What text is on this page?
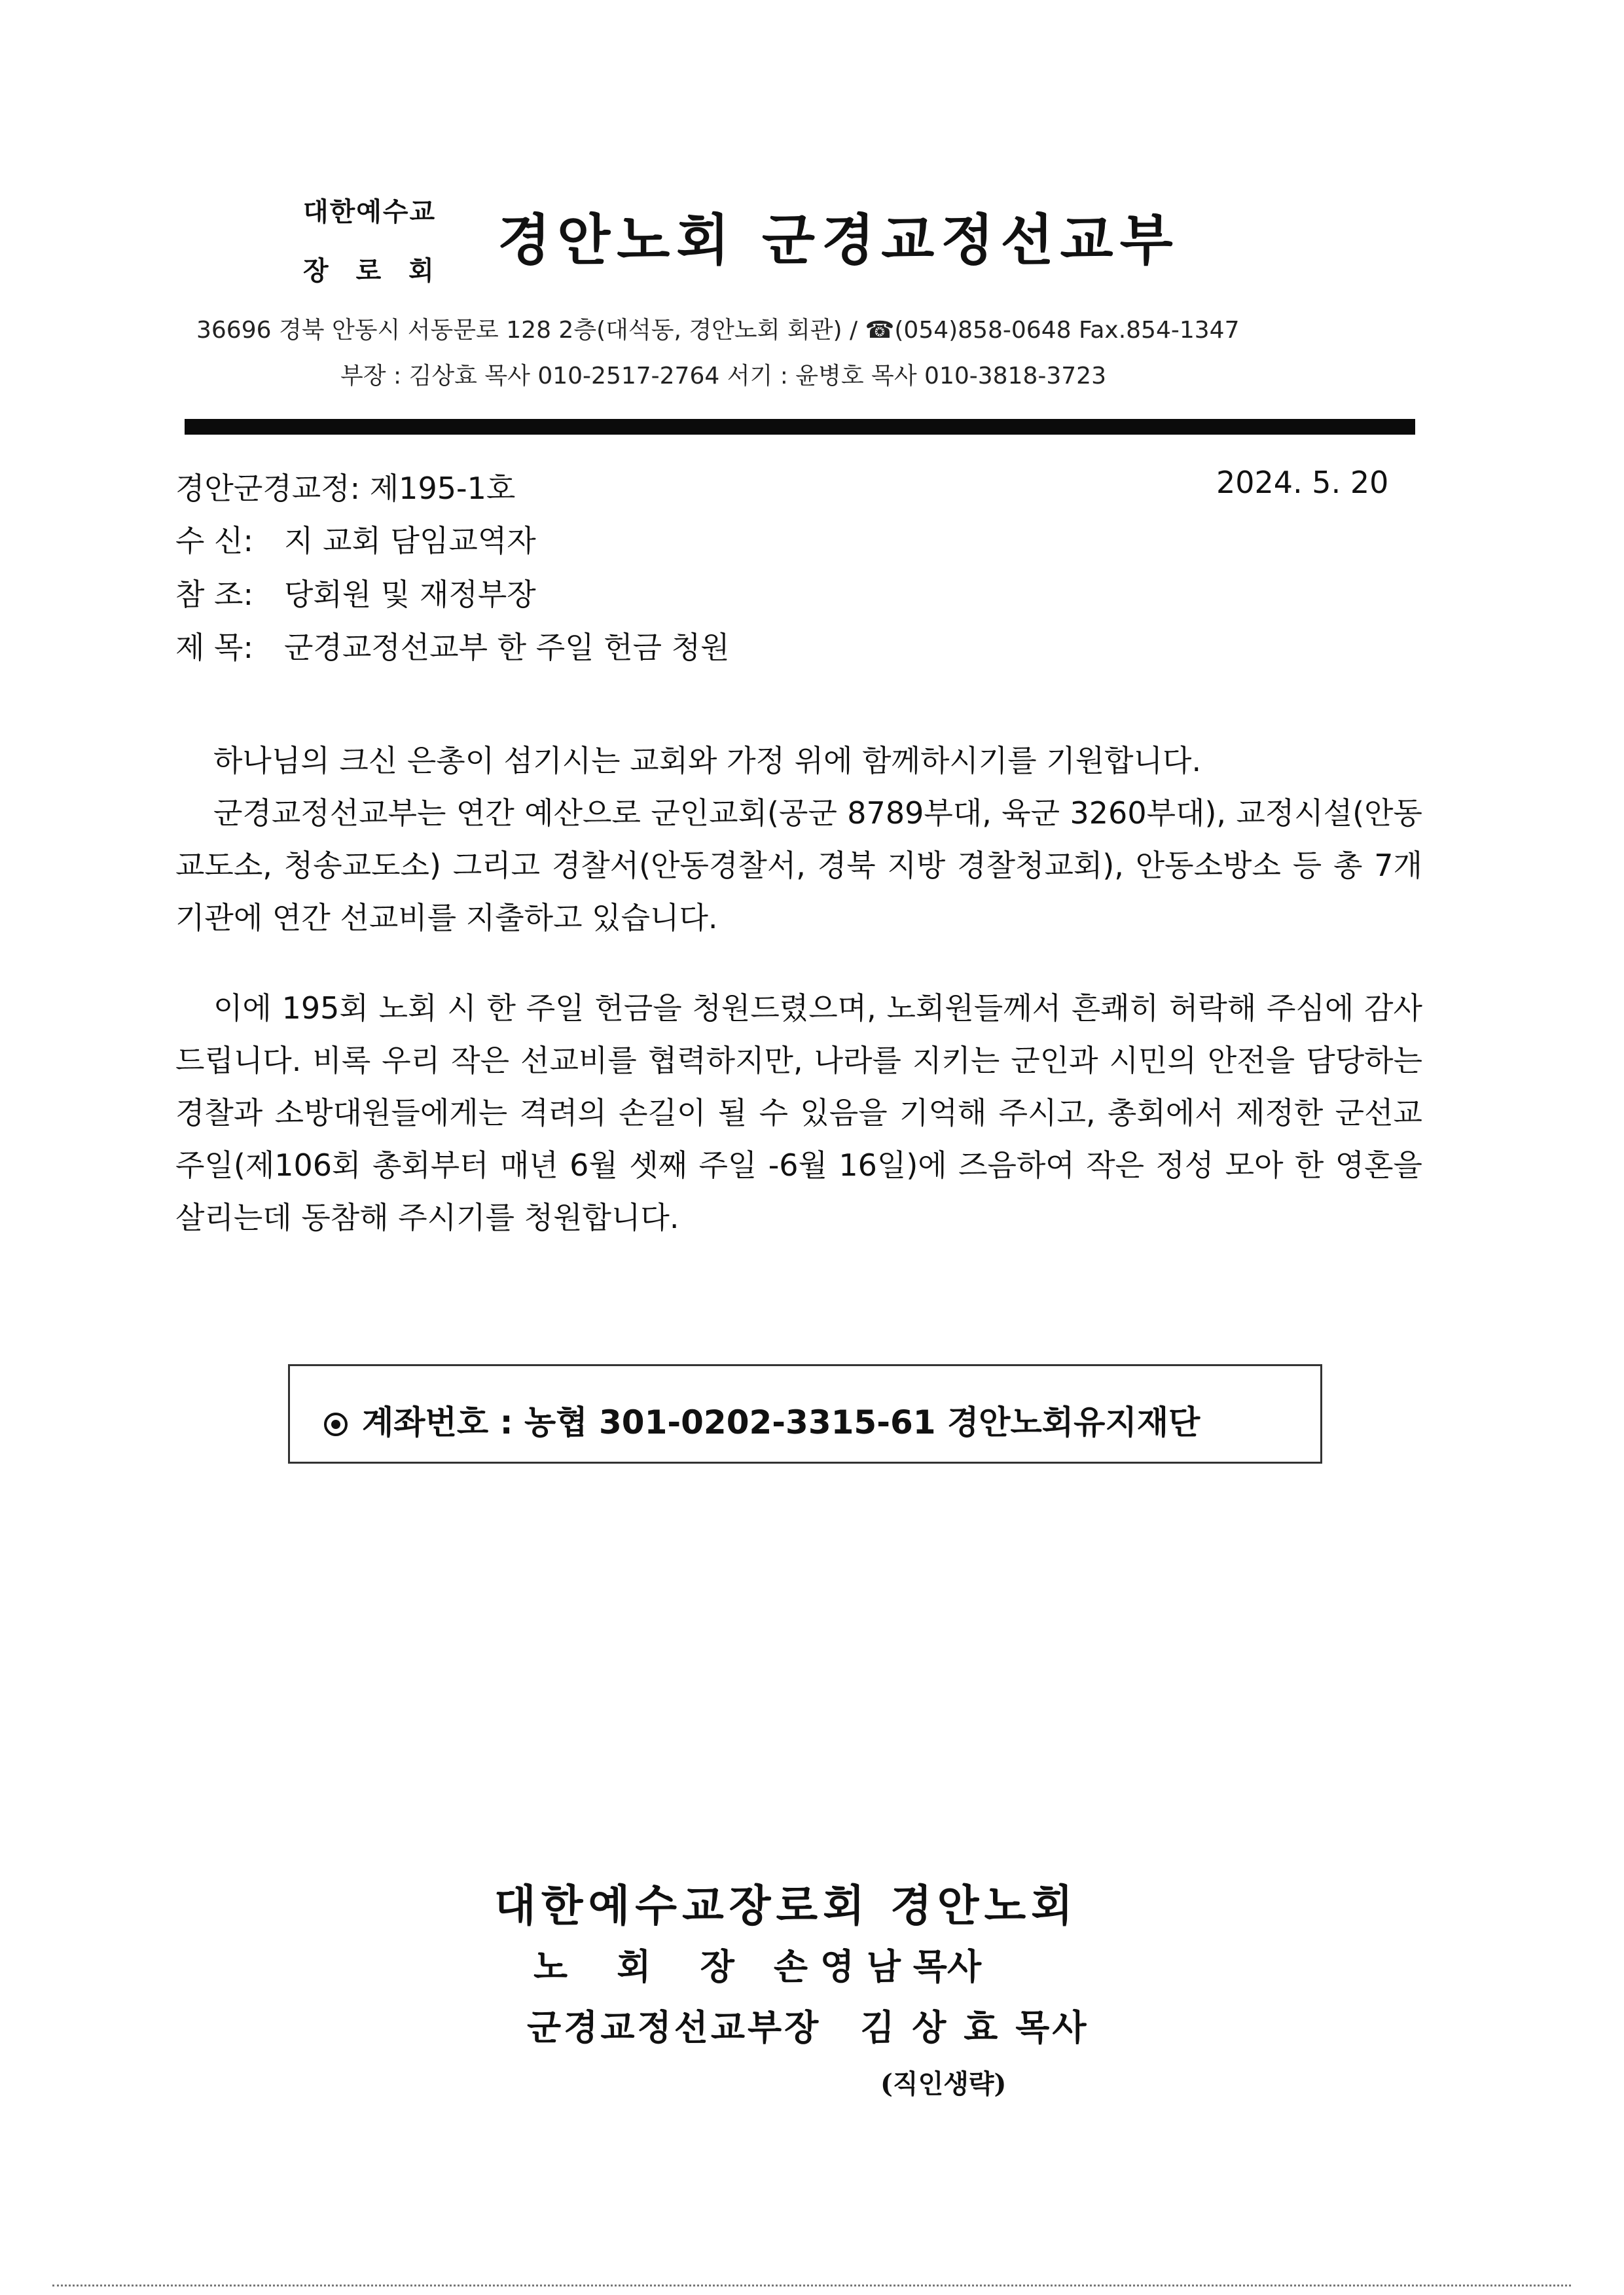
대한예수교
장 로 회 경안노회 군경교정선교부
36696 경북 안동시 서동문로 128 2층(대석동, 경안노회 회관) / ☎(054)858-0648 Fax.854-1347
부장 : 김상효 목사 010-2517-2764 서기 : 윤병호 목사 010-3818-3723
경안군경교정: 제195-1호	2024. 5. 20
수 신: 지 교회 담임교역자
참 조: 당회원 및 재정부장
제 목: 군경교정선교부 한 주일 헌금 청원

하나님의 크신 은총이 섬기시는 교회와 가정 위에 함께하시기를 기원합니다.

군경교정선교부는 연간 예산으로 군인교회(공군 8789부대, 육군 3260부대), 교정시설(안동교도소, 청송교도소) 그리고 경찰서(안동경찰서, 경북 지방 경찰청교회), 안동소방소 등 총 7개 기관에 연간 선교비를 지출하고 있습니다.

이에 195회 노회 시 한 주일 헌금을 청원드렸으며, 노회원들께서 흔쾌히 허락해 주심에 감사드립니다. 비록 우리 작은 선교비를 협력하지만, 나라를 지키는 군인과 시민의 안전을 담당하는 경찰과 소방대원들에게는 격려의 손길이 될 수 있음을 기억해 주시고, 총회에서 제정한 군선교 주일(제106회 총회부터 매년 6월 셋째 주일 -6월 16일)에 즈음하여 작은 정성 모아 한 영혼을 살리는데 동참해 주시기를 청원합니다.

계좌번호 : 농협 301-0202-3315-61 경안노회유지재단
대한예수교장로회 경안노회
노    회    장 손 영 남 목사
군경교정선교부장 김 상 효 목사
(직인생략)
